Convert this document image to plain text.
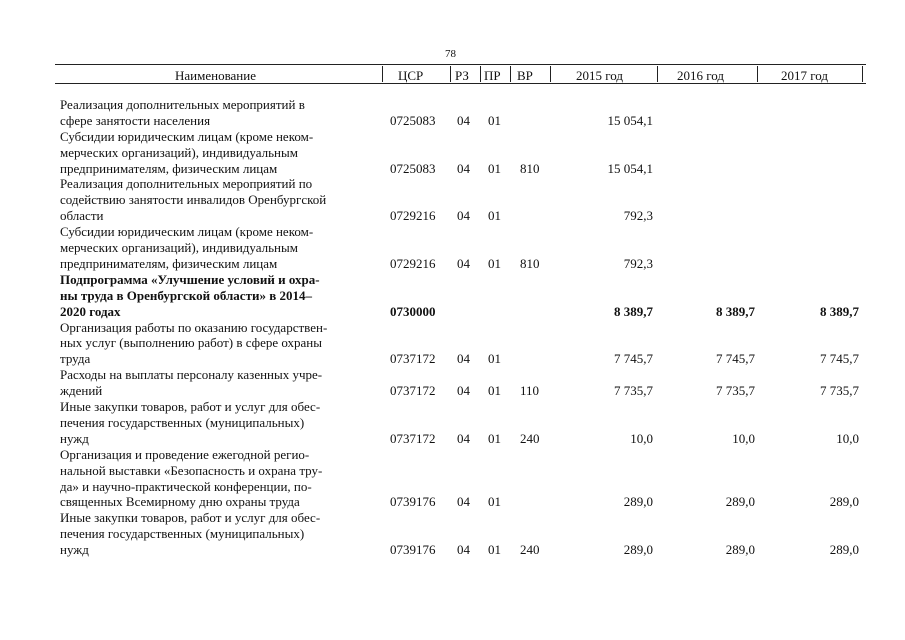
78
Наименование	ЦСР РЗ ПР ВР	2015 год	2016 год	2017 год
Реализация дополнительных мероприятий в
сфере занятости населения	0725083 04 01	15 054,1
Субсидии юридическим лицам (кроме неком-
мерческих организаций), индивидуальным
предпринимателям, физическим лицам	0725083 04 01 810	15 054,1
Реализация дополнительных мероприятий по
содействию занятости инвалидов Оренбургской
области	0729216 04 01	792,3
Субсидии юридическим лицам (кроме неком-
мерческих организаций), индивидуальным
предпринимателям, физическим лицам	0729216 04 01 810	792,3
Подпрограмма «Улучшение условий и охра-
ны труда в Оренбургской области» в 2014–
2020 годах	0730000	8 389,7	8 389,7	8 389,7
Организация работы по оказанию государствен-
ных услуг (выполнению работ) в сфере охраны
труда	0737172 04 01	7 745,7	7 745,7	7 745,7
Расходы на выплаты персоналу казенных учре-
ждений	0737172 04 01 110	7 735,7	7 735,7	7 735,7
Иные закупки товаров, работ и услуг для обес-
печения государственных (муниципальных)
нужд	0737172 04 01 240	10,0	10,0	10,0
Организация и проведение ежегодной регио-
нальной выставки «Безопасность и охрана тру-
да» и научно-практической конференции, по-
священных Всемирному дню охраны труда	0739176 04 01	289,0	289,0	289,0
Иные закупки товаров, работ и услуг для обес-
печения государственных (муниципальных)
нужд	0739176 04 01 240	289,0	289,0	289,0
